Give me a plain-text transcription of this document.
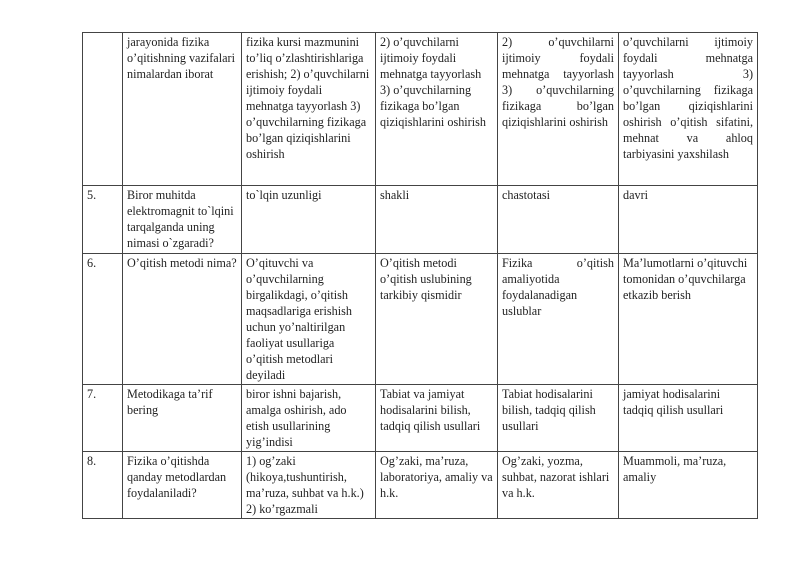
	jarayonida fizika o’qitishning vazifalari nimalardan iborat	fizika kursi mazmunini to’liq o’zlashtirishlariga erishish; 2) o’quvchilarni ijtimoiy foydali mehnatga tayyorlash 3) o’quvchilarning fizikaga bo’lgan qiziqishlarini oshirish	2) o’quvchilarni ijtimoiy foydali mehnatga tayyorlash 3) o’quvchilarning fizikaga bo’lgan qiziqishlarini oshirish	2) o’quvchilarni ijtimoiy foydali mehnatga tayyorlash 3) o’quvchilarning fizikaga bo’lgan qiziqishlarini oshirish	o’quvchilarni ijtimoiy foydali mehnatga tayyorlash 3) o’quvchilarning fizikaga bo’lgan qiziqishlarini oshirish o’qitish sifatini, mehnat va ahloq tarbiyasini yaxshilash
5.	Biror muhitda elektromagnit to`lqini tarqalganda uning nimasi o`zgaradi?	to`lqin uzunligi	shakli	chastotasi	davri
6.	O’qitish metodi nima?	O’qituvchi va o’quvchilarning birgalikdagi, o’qitish maqsadlariga erishish uchun yo’naltirilgan faoliyat usullariga o’qitish metodlari deyiladi	O’qitish metodi o’qitish uslubining tarkibiy qismidir	Fizika o’qitish amaliyotida foydalanadigan uslublar	Ma’lumotlarni o’qituvchi tomonidan o’quvchilarga etkazib berish
7.	Metodikaga ta’rif bering	biror ishni bajarish, amalga oshirish, ado etish usullarining yig’indisi	Tabiat va jamiyat hodisalarini bilish, tadqiq qilish usullari	Tabiat hodisalarini bilish, tadqiq qilish usullari	jamiyat hodisalarini tadqiq qilish usullari
8.	Fizika o’qitishda qanday metodlardan foydalaniladi?	1) og’zaki (hikoya,tushuntirish, ma’ruza, suhbat va h.k.) 2) ko’rgazmali	Og’zaki, ma’ruza, laboratoriya, amaliy va h.k.	Og’zaki, yozma, suhbat, nazorat ishlari va h.k.	Muammoli, ma’ruza, amaliy
